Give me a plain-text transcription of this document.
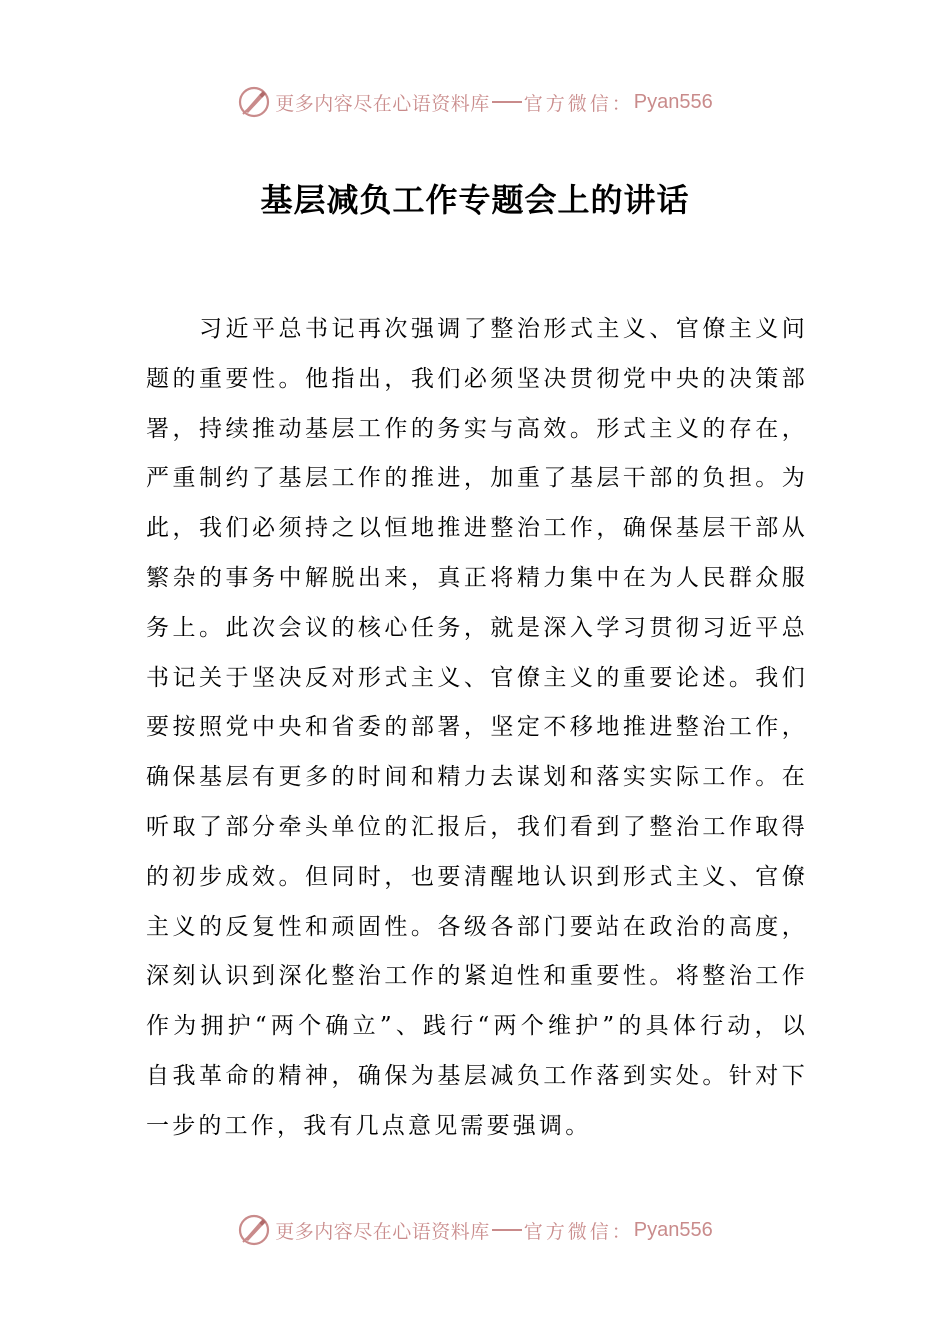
更多内容尽在心语资料库 官方微信： Pyan556
基层减负工作专题会上的讲话

习近平总书记再次强调了整治形式主义、官僚主义问题的重要性。他指出，我们必须坚决贯彻党中央的决策部署，持续推动基层工作的务实与高效。形式主义的存在，严重制约了基层工作的推进，加重了基层干部的负担。为此，我们必须持之以恒地推进整治工作，确保基层干部从繁杂的事务中解脱出来，真正将精力集中在为人民群众服务上。此次会议的核心任务，就是深入学习贯彻习近平总书记关于坚决反对形式主义、官僚主义的重要论述。我们要按照党中央和省委的部署，坚定不移地推进整治工作，确保基层有更多的时间和精力去谋划和落实实际工作。在听取了部分牵头单位的汇报后，我们看到了整治工作取得的初步成效。但同时，也要清醒地认识到形式主义、官僚主义的反复性和顽固性。各级各部门要站在政治的高度，深刻认识到深化整治工作的紧迫性和重要性。将整治工作作为拥护“两个确立”、践行“两个维护”的具体行动，以自我革命的精神，确保为基层减负工作落到实处。针对下一步的工作，我有几点意见需要强调。

更多内容尽在心语资料库 官方微信： Pyan556
